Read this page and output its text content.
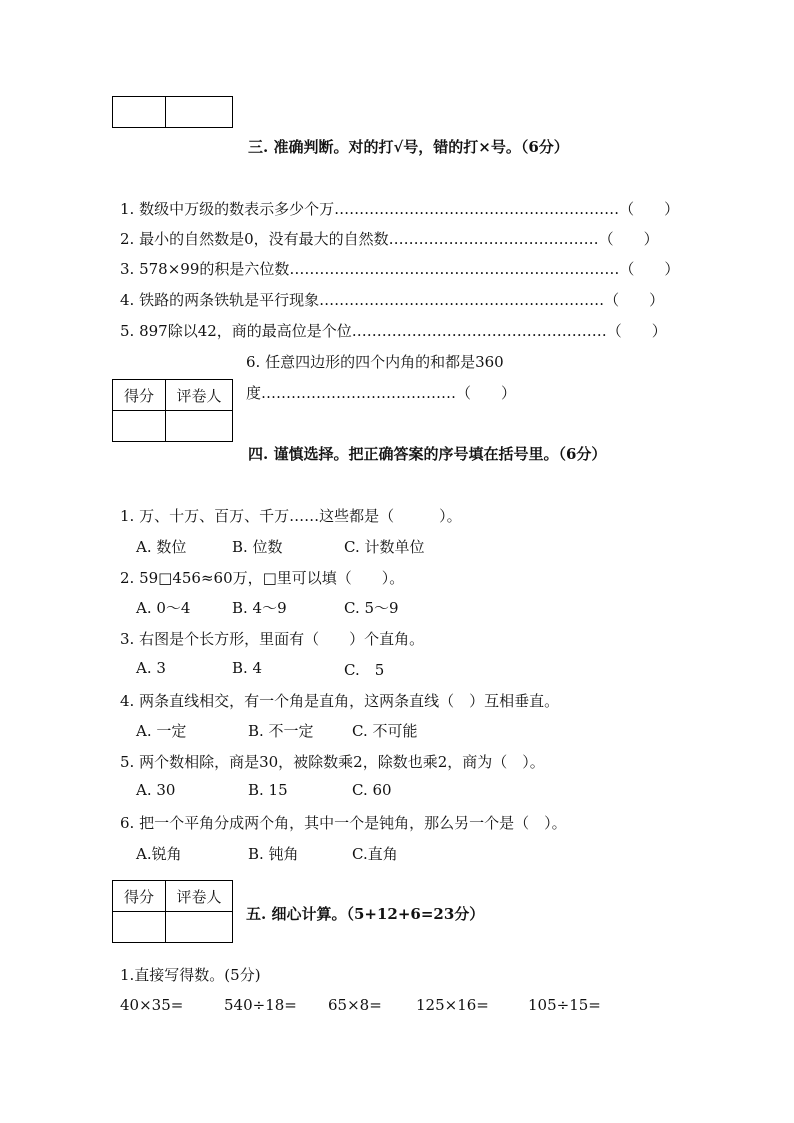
三. 准确判断。对的打√号，错的打×号。（6分）
1. 数级中万级的数表示多少个万…………………………………………………（　　）
2. 最小的自然数是0，没有最大的自然数……………………………………（　　）
3. 578×99的积是六位数…………………………………………………………（　　）
4. 铁路的两条铁轨是平行现象…………………………………………………（　　）
5. 897除以42，商的最高位是个位……………………………………………（　　）
6. 任意四边形的四个内角的和都是360
度…………………………………（　　）
得分	评卷人

四. 谨慎选择。把正确答案的序号填在括号里。（6分）
1. 万、十万、百万、千万……这些都是（　　　）。
A. 数位	B. 位数	C. 计数单位
2. 59□456≈60万，□里可以填（　　）。
A. 0～4	B. 4～9	C. 5～9
3. 右图是个长方形，里面有（　　）个直角。
A. 3	B. 4	C.　5
4. 两条直线相交，有一个角是直角，这两条直线（　）互相垂直。
A. 一定	B. 不一定	C. 不可能
5. 两个数相除，商是30，被除数乘2，除数也乘2，商为（　）。
A. 30	B. 15	C. 60
6. 把一个平角分成两个角，其中一个是钝角，那么另一个是（　）。
A.锐角	B. 钝角	C.直角
得分	评卷人

五. 细心计算。（5+12+6=23分）
1.直接写得数。(5分)
40×35=	540÷18= 65×8= 125×16=	105÷15=
